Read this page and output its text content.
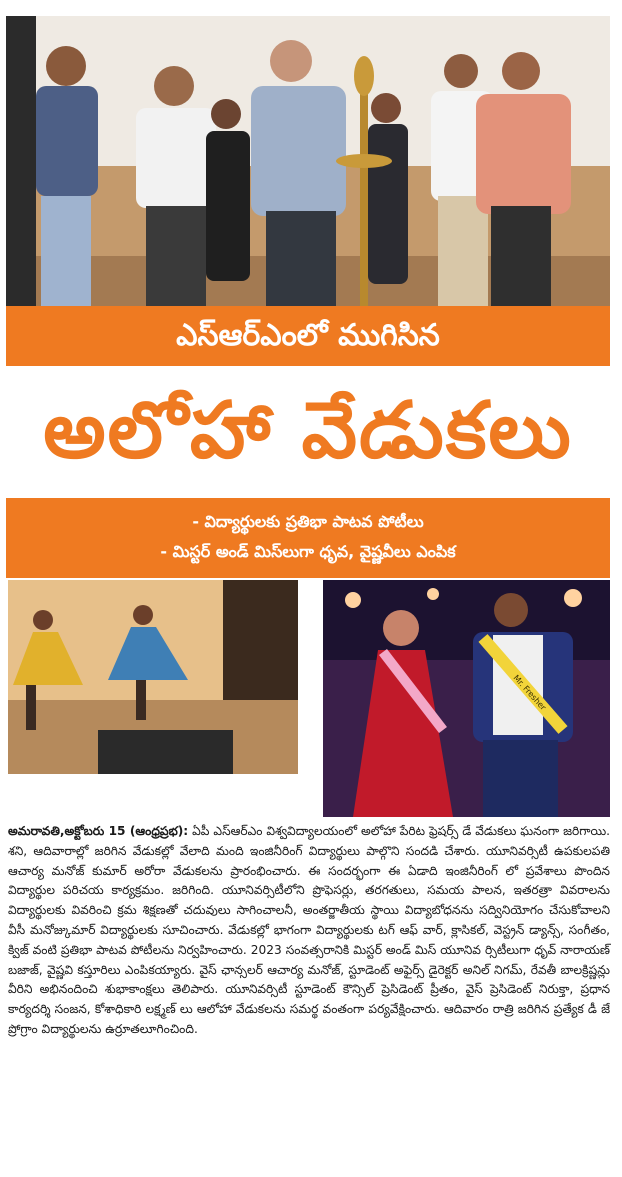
ఎస్‌ఆర్‌ఎంలో ముగిసిన
అలోహా వేడుకలు
- విద్యార్థులకు ప్రతిభా పాటవ పోటీలు
- మిస్టర్ అండ్ మిస్‌లుగా ధృవ, వైష్ణవీలు ఎంపిక
Mr. Fresher
అమరావతి,అక్టోబరు 15 (ఆంధ్రప్రభ): ఏపీ ఎస్‌ఆర్‌ఎం విశ్వవిద్యాలయంలో అలోహా పేరిట ఫ్రెషర్స్ డే వేడుకలు ఘనంగా జరిగాయి. శని, ఆదివారాల్లో జరిగిన వేడుకల్లో వేలాది మంది ఇంజినీరింగ్ విద్యార్థులు పాల్గొని సందడి చేశారు. యూనివర్సిటీ ఉపకులపతి ఆచార్య మనోజ్ కుమార్ అరోరా వేడుకలను ప్రారంభించారు. ఈ సందర్భంగా ఈ ఏడాది ఇంజినీరింగ్ లో ప్రవేశాలు పొందిన విద్యార్థుల పరిచయ కార్యక్రమం. జరిగింది. యూనివర్సిటీలోని ప్రొఫెసర్లు, తరగతులు, సమయ పాలన, ఇతరత్రా వివరాలను విద్యార్థులకు వివరించి క్రమ శిక్షణతో చదువులు సాగించాలనీ, అంతర్జాతీయ స్థాయి విద్యాబోధనను సద్వినియోగం చేసుకోవాలని వీసీ మనోజ్కుమార్ విద్యార్థులకు సూచించారు. వేడుకల్లో భాగంగా విద్యార్థులకు టగ్ ఆఫ్ వార్, క్లాసికల్, వెస్ట్రన్ డ్యాన్స్, సంగీతం, క్విజ్ వంటి ప్రతిభా పాటవ పోటీలను నిర్వహించారు. 2023 సంవత్సరానికి మిస్టర్ అండ్ మిస్ యూనివ ర్సిటీలుగా ధృవ్ నారాయణ్ బజాజ్, వైష్ణవి కస్తూరిలు ఎంపికయ్యారు. వైస్ ఛాన్సలర్ ఆచార్య మనోజ్, స్టూడెంట్ అఫైర్స్ డైరెక్టర్ అనిల్ నిగమ్, రేవతీ బాలక్రిష్ణన్లు వీరిని అభినందించి శుభాకాంక్షలు తెలిపారు. యూనివర్సిటీ స్టూడెంట్ కౌన్సిల్ ప్రెసిడెంట్ ప్రీతం, వైస్ ప్రెసిడెంట్ నిరుక్తా, ప్రధాన కార్యదర్శి సంజన, కోశాధికారి లక్ష్మణ్ లు ఆలోహా వేడుకలను సమర్థ వంతంగా పర్యవేక్షించారు. ఆదివారం రాత్రి జరిగిన ప్రత్యేక డీ జే ప్రోగ్రాం విద్యార్థులను ఉర్రూతలూగించింది.
